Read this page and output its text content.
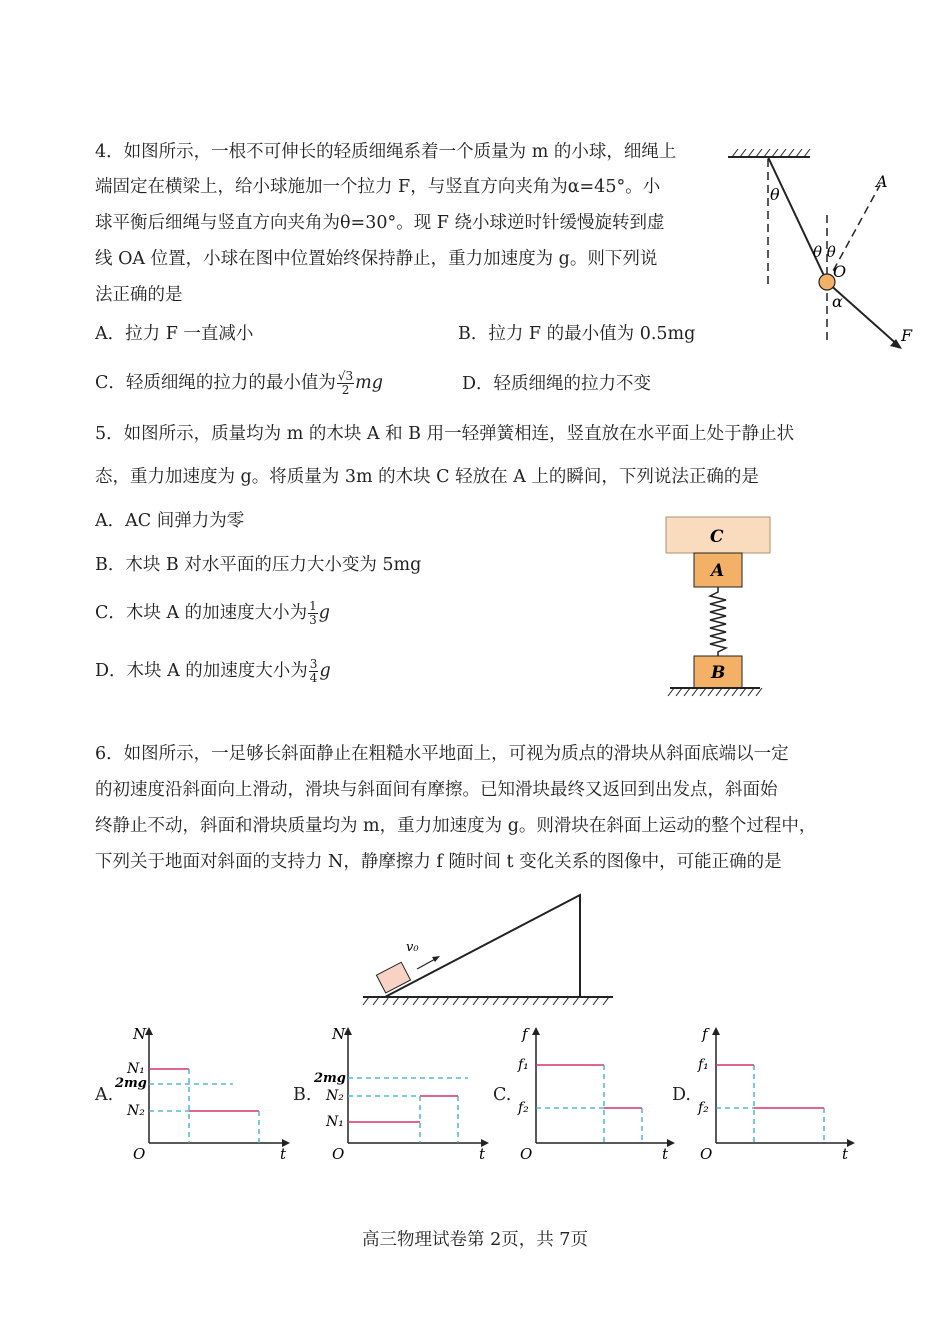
4．如图所示，一根不可伸长的轻质细绳系着一个质量为 m 的小球，细绳上
端固定在横梁上，给小球施加一个拉力 F，与竖直方向夹角为α=45°。小
球平衡后细绳与竖直方向夹角为θ=30°。现 F 绕小球逆时针缓慢旋转到虚
线 OA 位置，小球在图中位置始终保持静止，重力加速度为 g。则下列说
法正确的是
A．拉力 F 一直减小	B．拉力 F 的最小值为 0.5mg
C．轻质细绳的拉力的最小值为 $\frac{√3}{2}$ mg	D．轻质细绳的拉力不变
θ
θ θ
A
O
α
F
5．如图所示，质量均为 m 的木块 A 和 B 用一轻弹簧相连，竖直放在水平面上处于静止状
态，重力加速度为 g。将质量为 3m 的木块 C 轻放在 A 上的瞬间，下列说法正确的是
A．AC 间弹力为零
B．木块 B 对水平面的压力大小变为 5mg
C．木块 A 的加速度大小为 $\frac{1}{3}$ g
D．木块 A 的加速度大小为 $\frac{3}{4}$ g
C
A
B
6．如图所示，一足够长斜面静止在粗糙水平地面上，可视为质点的滑块从斜面底端以一定
的初速度沿斜面向上滑动，滑块与斜面间有摩擦。已知滑块最终又返回到出发点，斜面始
终静止不动，斜面和滑块质量均为 m，重力加速度为 g。则滑块在斜面上运动的整个过程中，
下列关于地面对斜面的支持力 N，静摩擦力 f 随时间 t 变化关系的图像中，可能正确的是
v₀
A.
N
N₁
2mg
N₂
O	t
B.
N
2mg
N₂
N₁
O	t
C.
f
f₁
f₂
O	t
D.
f
f₁
f₂
O	t
高三物理试卷第 2页，共 7页
